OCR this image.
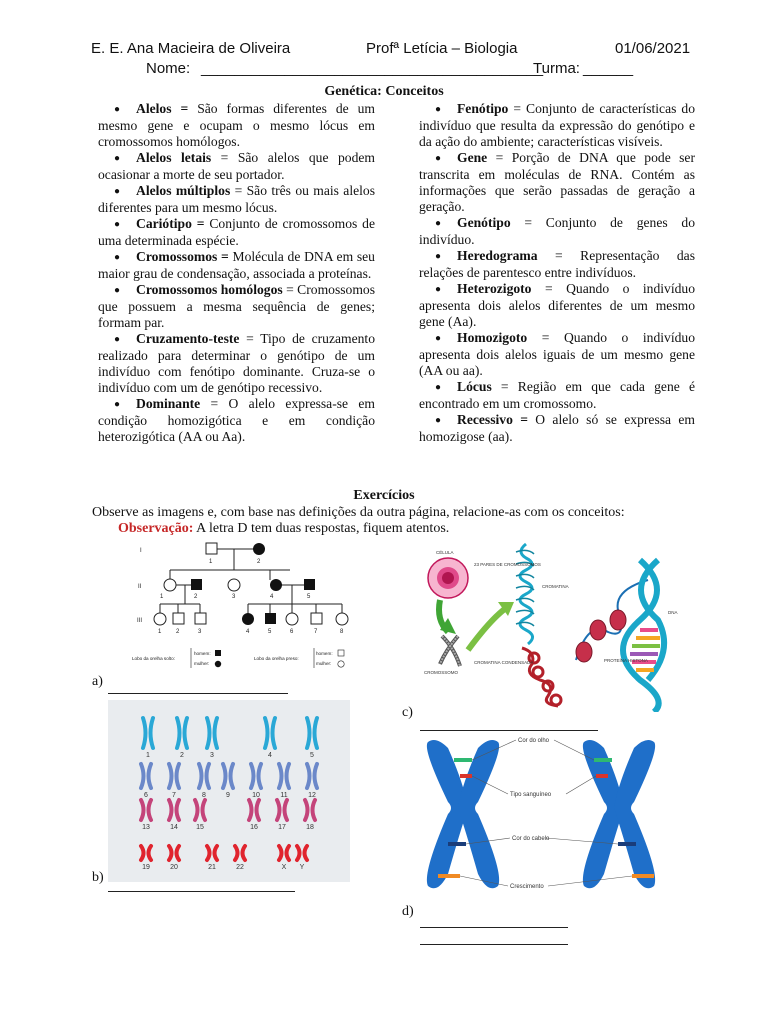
E. E. Ana Macieira de Oliveira	Profª Letícia – Biologia	01/06/2021
Nome: _________________________________________
Turma: ______
Genética: Conceitos
● Alelos = São formas diferentes de um mesmo gene e ocupam o mesmo lócus em cromossomos homólogos.
● Alelos letais = São alelos que podem ocasionar a morte de seu portador.
● Alelos múltiplos = São três ou mais alelos diferentes para um mesmo lócus.
● Cariótipo = Conjunto de cromossomos de uma determinada espécie.
● Cromossomos = Molécula de DNA em seu maior grau de condensação, associada a proteínas.
● Cromossomos homólogos = Cromossomos que possuem a mesma sequência de genes; formam par.
● Cruzamento-teste = Tipo de cruzamento realizado para determinar o genótipo de um indivíduo com fenótipo dominante. Cruza-se o indivíduo com um de genótipo recessivo.
● Dominante = O alelo expressa-se em condição homozigótica e em condição heterozigótica (AA ou Aa).
● Fenótipo = Conjunto de características do indivíduo que resulta da expressão do genótipo e da ação do ambiente; características visíveis.
● Gene = Porção de DNA que pode ser transcrita em moléculas de RNA. Contém as informações que serão passadas de geração a geração.
● Genótipo = Conjunto de genes do indivíduo.
● Heredograma = Representação das relações de parentesco entre indivíduos.
● Heterozigoto = Quando o indivíduo apresenta dois alelos diferentes de um mesmo gene (Aa).
● Homozigoto = Quando o indivíduo apresenta dois alelos iguais de um mesmo gene (AA ou aa).
● Lócus = Região em que cada gene é encontrado em um cromossomo.
● Recessivo = O alelo só se expressa em homozigose (aa).
Exercícios
Observe as imagens e, com base nas definições da outra página, relacione-as com os conceitos:
Observação: A letra D tem duas respostas, fiquem atentos.
I
II
III
1	2
1	2	3	4	5
1 2	3	4	5	6	7	8
Lobo da orelha solto:
homem:
mulher:
Lobo da orelha preso:
homem:
mulher:
a)
1	2	3	4	5
6	7	8	9	10	11	12
13	14	15	16	17	18
19	20	21	22	X Y
b)
CÉLULA
23 PARES DE CROMOSSOMOS
CROMATINA
DNA
CROMOSSOMO
CROMATINA CONDENSADA	PROTEÍNA HISTONA
c)
Cor do olho
Tipo sanguíneo
Cor do cabelo
Crescimento
d)
